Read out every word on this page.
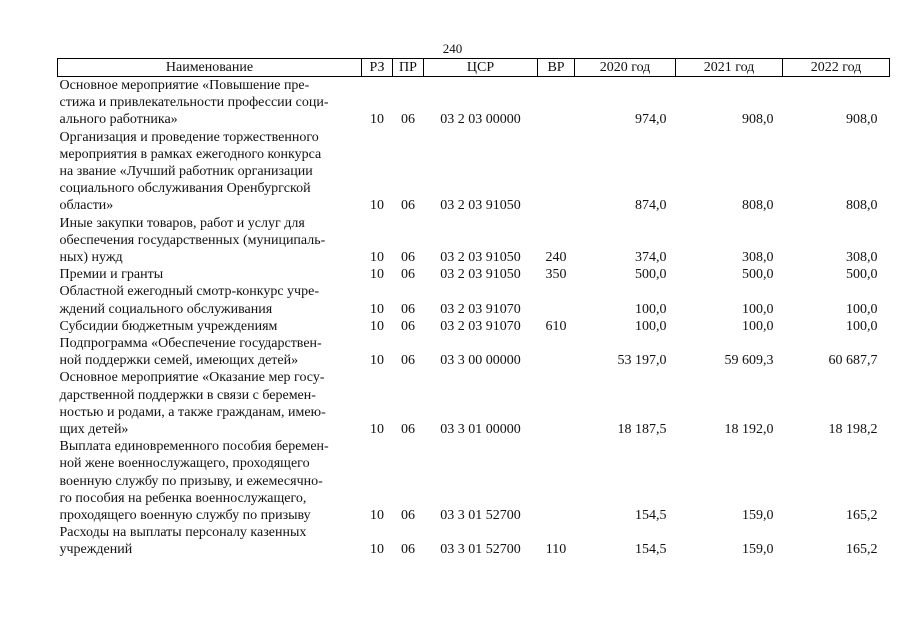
240
Наименование	РЗ	ПР	ЦСР	ВР	2020 год	2021 год	2022 год

Основное мероприятие «Повышение пре-
стижа и привлекательности профессии соци-
ального работника»	10	06	03 2 03 00000		974,0	908,0	908,0

Организация и проведение торжественного
мероприятия в рамках ежегодного конкурса
на звание «Лучший работник организации
социального обслуживания Оренбургской
области»	10	06	03 2 03 91050		874,0	808,0	808,0

Иные закупки товаров, работ и услуг для
обеспечения государственных (муниципаль-
ных) нужд	10	06	03 2 03 91050	240	374,0	308,0	308,0

Премии и гранты	10	06	03 2 03 91050	350	500,0	500,0	500,0

Областной ежегодный смотр-конкурс учре-
ждений социального обслуживания	10	06	03 2 03 91070		100,0	100,0	100,0

Субсидии бюджетным учреждениям	10	06	03 2 03 91070	610	100,0	100,0	100,0

Подпрограмма «Обеспечение государствен-
ной поддержки семей, имеющих детей»	10	06	03 3 00 00000		53 197,0	59 609,3	60 687,7

Основное мероприятие «Оказание мер госу-
дарственной поддержки в связи с беремен-
ностью и родами, а также гражданам, имею-
щих детей»	10	06	03 3 01 00000		18 187,5	18 192,0	18 198,2

Выплата единовременного пособия беремен-
ной жене военнослужащего, проходящего
военную службу по призыву, и ежемесячно-
го пособия на ребенка военнослужащего,
проходящего военную службу по призыву	10	06	03 3 01 52700		154,5	159,0	165,2

Расходы на выплаты персоналу казенных
учреждений	10	06	03 3 01 52700	110	154,5	159,0	165,2
